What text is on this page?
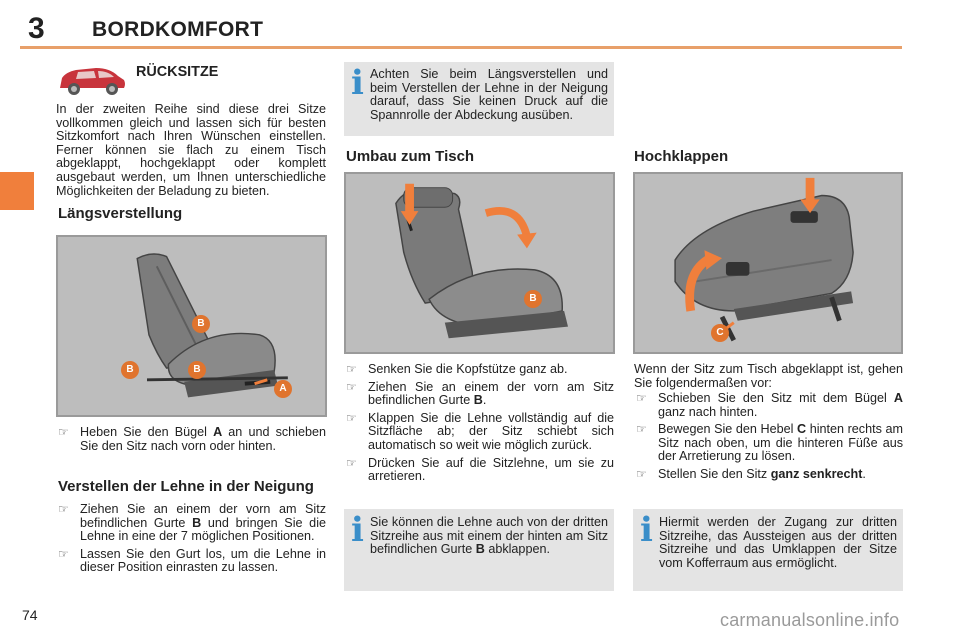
3 BORDKOMFORT
RÜCKSITZE
In der zweiten Reihe sind diese drei Sitze vollkommen gleich und lassen sich für besten Sitzkomfort nach Ihren Wünschen einstellen. Ferner können sie flach zu einem Tisch abgeklappt, hochgeklappt oder komplett ausgebaut werden, um Ihnen unterschiedliche Möglichkeiten der Beladung zu bieten.
Längsverstellung
B
B	B
A
☞ Heben Sie den Bügel A an und schieben Sie den Sitz nach vorn oder hinten.
Verstellen der Lehne in der Neigung
☞ Ziehen Sie an einem der vorn am Sitz befindlichen Gurte B und bringen Sie die Lehne in eine der 7 möglichen Positionen.
☞ Lassen Sie den Gurt los, um die Lehne in dieser Position einrasten zu lassen.
74
i Achten Sie beim Längsverstellen und beim Verstellen der Lehne in der Neigung darauf, dass Sie keinen Druck auf die Spannrolle der Abdeckung ausüben.
Umbau zum Tisch
B
☞ Senken Sie die Kopfstütze ganz ab.
☞ Ziehen Sie an einem der vorn am Sitz befindlichen Gurte B.
☞ Klappen Sie die Lehne vollständig auf die Sitzfläche ab; der Sitz schiebt sich automatisch so weit wie möglich zurück.
☞ Drücken Sie auf die Sitzlehne, um sie zu arretieren.
i Sie können die Lehne auch von der dritten Sitzreihe aus mit einem der hinten am Sitz befindlichen Gurte B abklappen.
Hochklappen
C
Wenn der Sitz zum Tisch abgeklappt ist, gehen Sie folgendermaßen vor:
☞ Schieben Sie den Sitz mit dem Bügel A ganz nach hinten.
☞ Bewegen Sie den Hebel C hinten rechts am Sitz nach oben, um die hinteren Füße aus der Arretierung zu lösen.
☞ Stellen Sie den Sitz ganz senkrecht.
i Hiermit werden der Zugang zur dritten Sitzreihe, das Aussteigen aus der dritten Sitzreihe und das Umklappen der Sitze vom Kofferraum aus ermöglicht.
carmanualsonline.info
